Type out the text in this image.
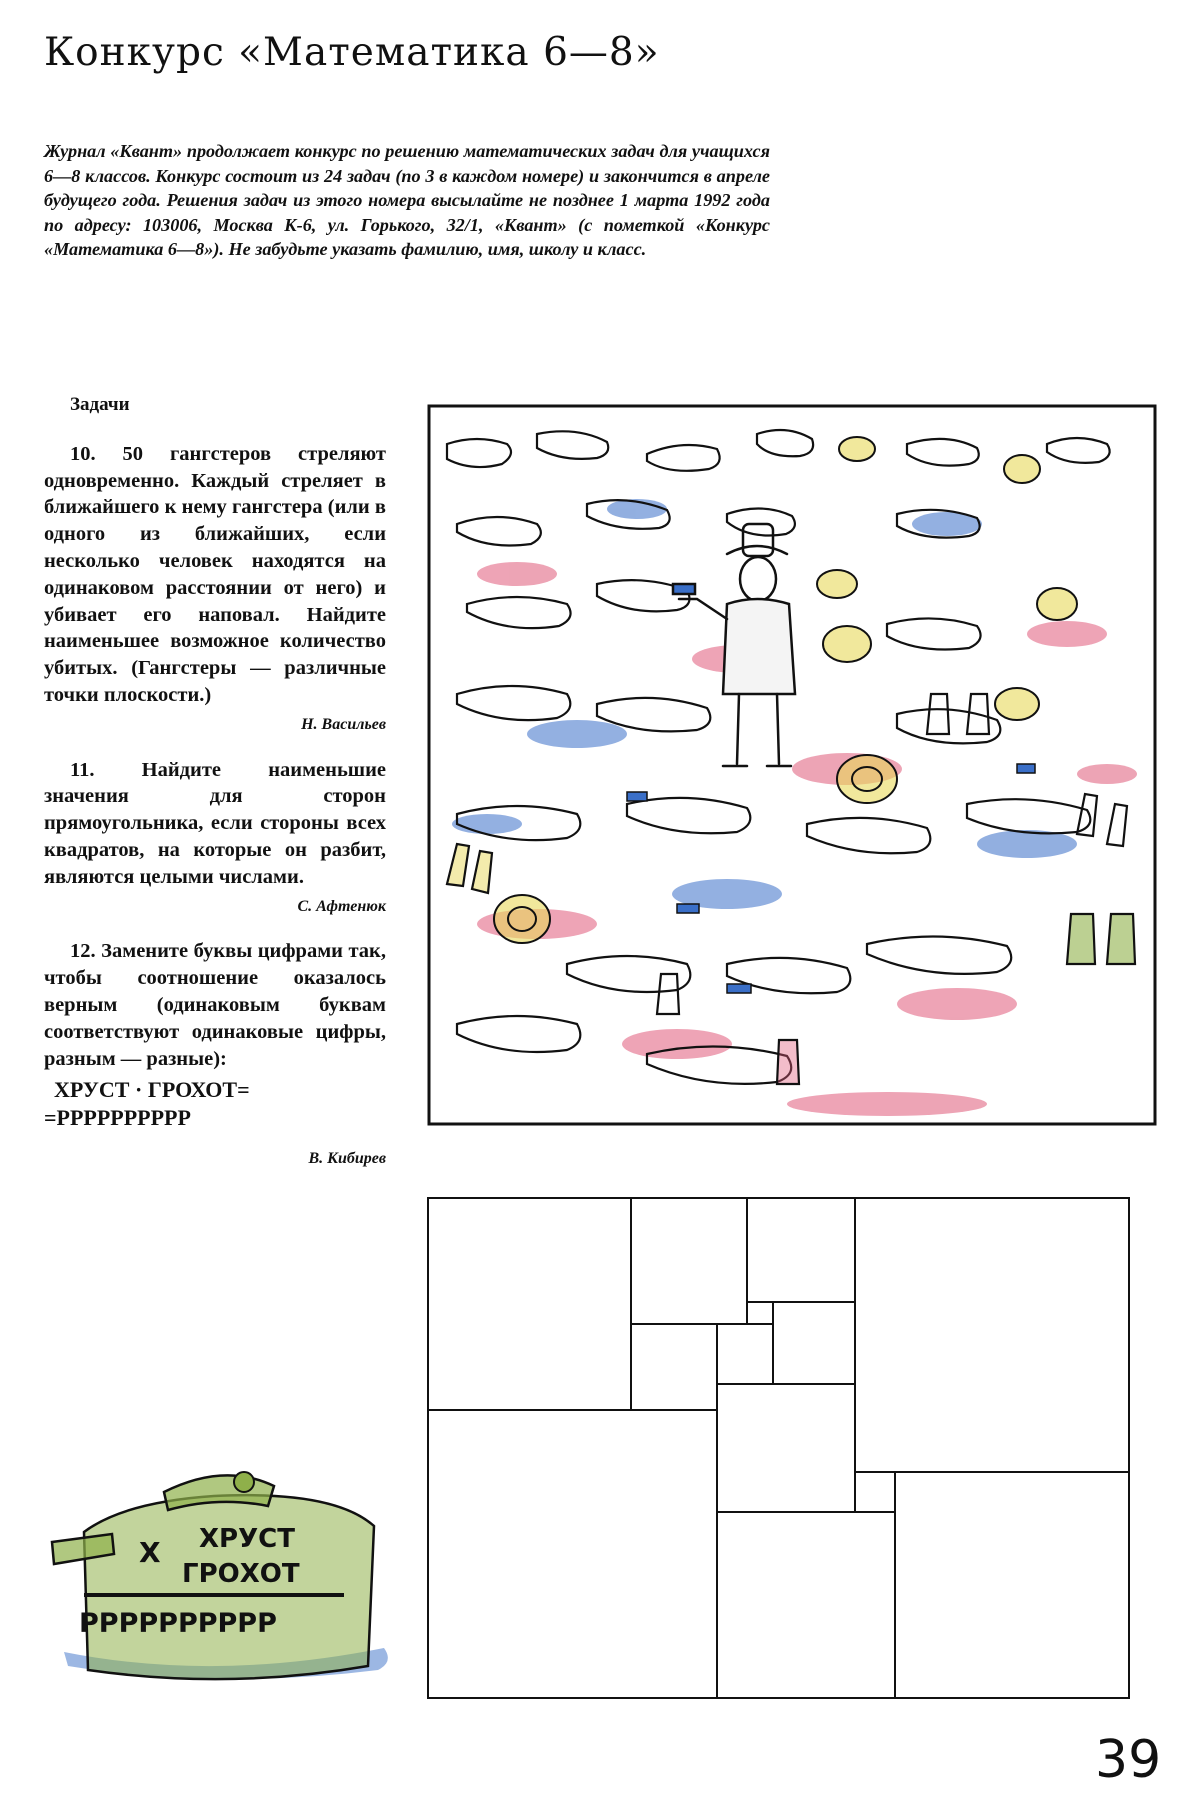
Конкурс «Математика 6—8»
Журнал «Квант» продолжает конкурс по решению математических задач для учащихся 6—8 классов. Конкурс состоит из 24 задач (по 3 в каждом номере) и закончится в апреле будущего года. Решения задач из этого номера высылайте не позднее 1 марта 1992 года по адресу: 103006, Москва К-6, ул. Горького, 32/1, «Квант» (с пометкой «Конкурс «Математика 6—8»). Не забудьте указать фамилию, имя, школу и класс.
Задачи
10. 50 гангстеров стреляют одновременно. Каждый стреляет в ближайшего к нему гангстера (или в одного из ближайших, если несколько человек находятся на одинаковом расстоянии от него) и убивает его наповал. Найдите наименьшее возможное количество убитых. (Гангстеры — различные точки плоскости.)
Н. Васильев
11. Найдите наименьшие значения для сторон прямоугольника, если стороны всех квадратов, на которые он разбит, являются целыми числами.
С. Афтенюк
12. Замените буквы цифрами так, чтобы соотношение оказалось верным (одинаковым буквам соответствуют одинаковые цифры, разным — разные):
ХРУСТ · ГРОХОТ=
=РРРРРРРРРР
В. Кибирев
Х ХРУСТ
ГРОХОТ
РРРРРРРРРР
39
